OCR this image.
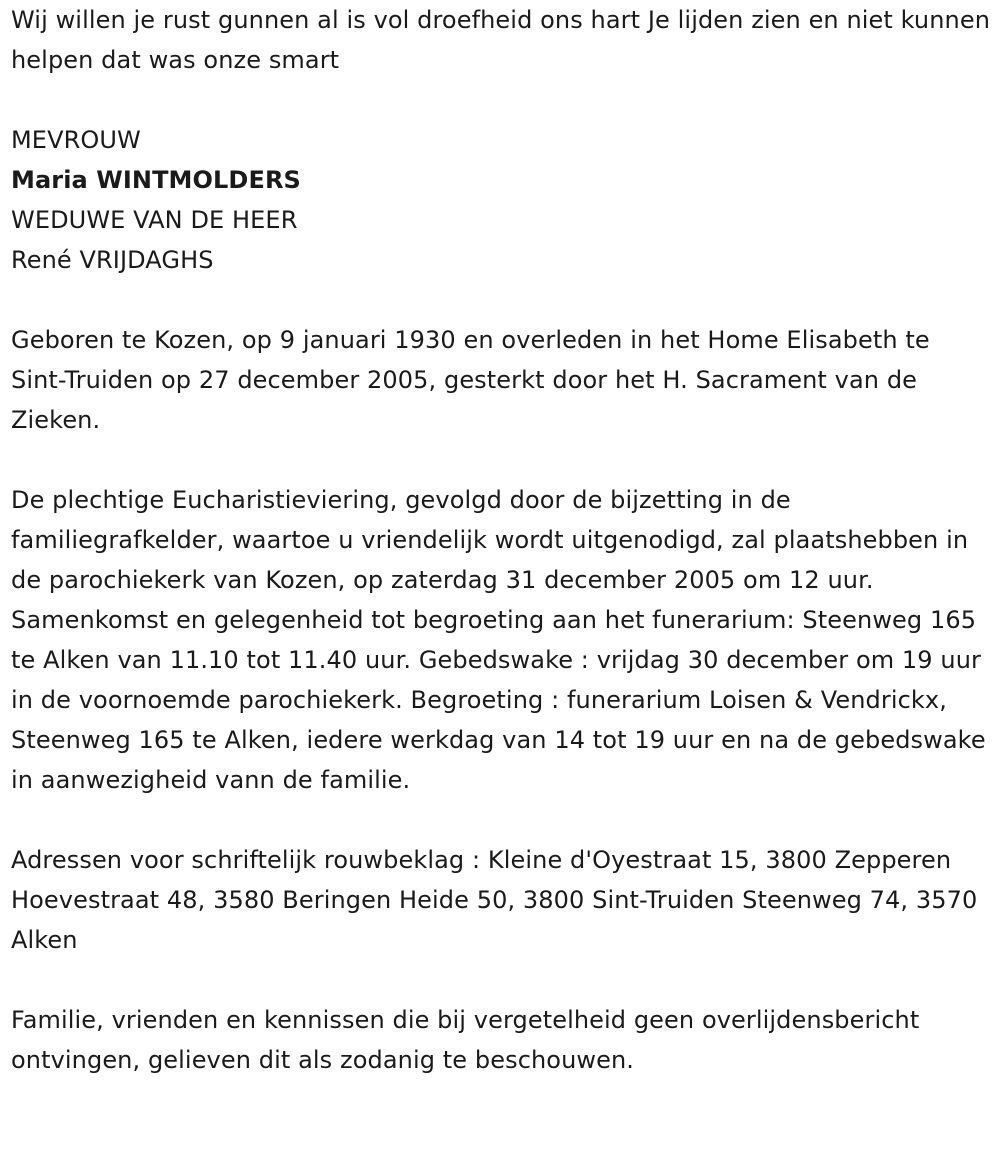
Wij willen je rust gunnen al is vol droefheid ons hart Je lijden zien en niet kunnen helpen dat was onze smart

MEVROUW

Maria WINTMOLDERS

WEDUWE VAN DE HEER

René VRIJDAGHS

Geboren te Kozen, op 9 januari 1930 en overleden in het Home Elisabeth te Sint-Truiden op 27 december 2005, gesterkt door het H. Sacrament van de Zieken.

De plechtige Eucharistieviering, gevolgd door de bijzetting in de familiegrafkelder, waartoe u vriendelijk wordt uitgenodigd, zal plaatshebben in de parochiekerk van Kozen, op zaterdag 31 december 2005 om 12 uur. Samenkomst en gelegenheid tot begroeting aan het funerarium: Steenweg 165 te Alken van 11.10 tot 11.40 uur. Gebedswake : vrijdag 30 december om 19 uur in de voornoemde parochiekerk. Begroeting : funerarium Loisen & Vendrickx, Steenweg 165 te Alken, iedere werkdag van 14 tot 19 uur en na de gebedswake in aanwezigheid vann de familie.

Adressen voor schriftelijk rouwbeklag : Kleine d'Oyestraat 15, 3800 Zepperen Hoevestraat 48, 3580 Beringen Heide 50, 3800 Sint-Truiden Steenweg 74, 3570 Alken

Familie, vrienden en kennissen die bij vergetelheid geen overlijdensbericht ontvingen, gelieven dit als zodanig te beschouwen.
